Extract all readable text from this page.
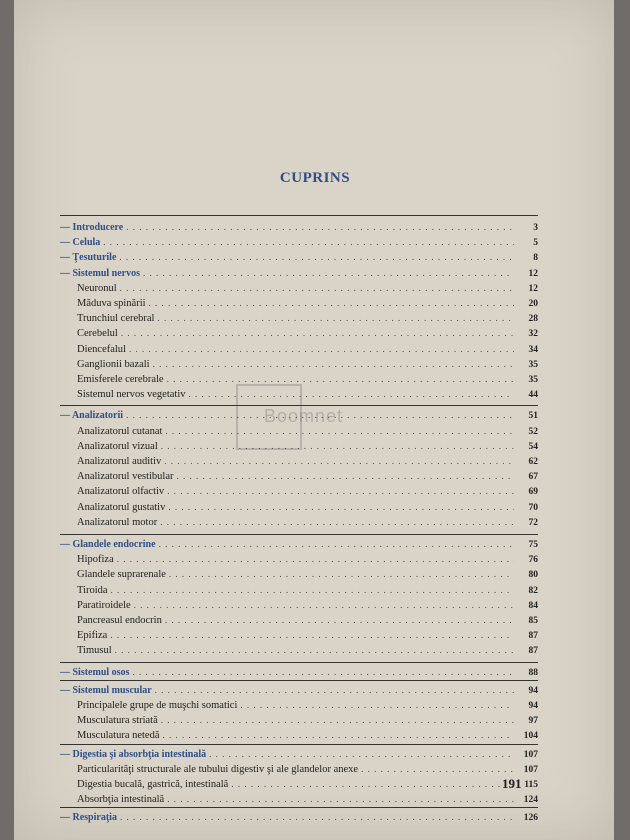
CUPRINS
Boomnet
— Introducere . . .	3
— Celula . . .	5
— Ţesuturile . . .	8
— Sistemul nervos . . .	12
Neuronul . . .	12
Măduva spinării . . .	20
Trunchiul cerebral . . .	28
Cerebelul . . .	32
Diencefalul . . .	34
Ganglionii bazali . . .	35
Emisferele cerebrale . . .	35
Sistemul nervos vegetativ . . .	44
— Analizatorii . . .	51
Analizatorul cutanat . . .	52
Analizatorul vizual . . .	54
Analizatorul auditiv . . .	62
Analizatorul vestibular . . .	67
Analizatorul olfactiv . . .	69
Analizatorul gustativ . . .	70
Analizatorul motor . . .	72
— Glandele endocrine . . .	75
Hipofiza . . .	76
Glandele suprarenale . . .	80
Tiroida . . .	82
Paratiroidele . . .	84
Pancreasul endocrin . . .	85
Epifiza . . .	87
Timusul . . .	87
— Sistemul osos . . .	88
— Sistemul muscular . . .	94
Principalele grupe de muşchi somatici . . .	94
Musculatura striată . . .	97
Musculatura netedă . . .	104
— Digestia şi absorbţia intestinală . . .	107
Particularităţi structurale ale tubului digestiv şi ale glandelor anexe . . .	107
Digestia bucală, gastrică, intestinală . . .	115
Absorbţia intestinală . . .	124
— Respiraţia . . .	126
191
